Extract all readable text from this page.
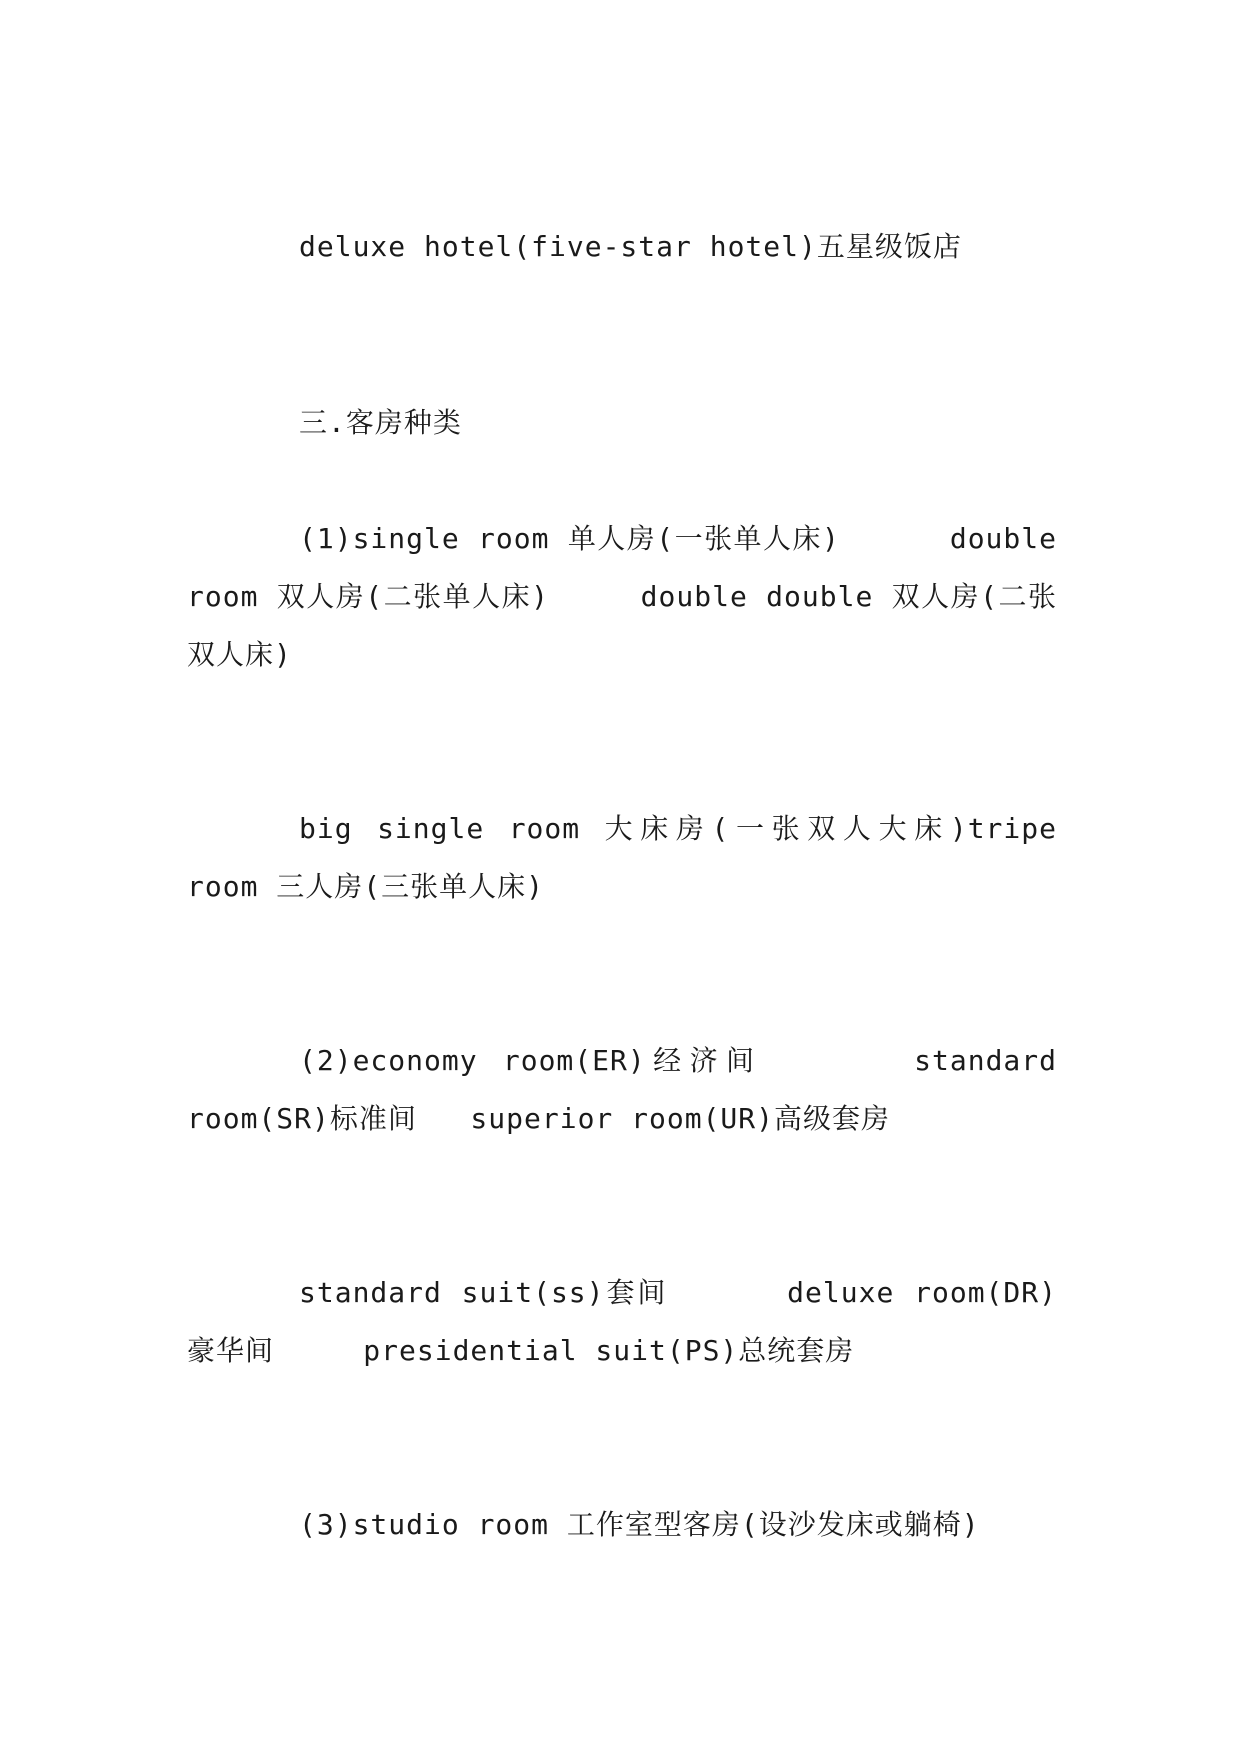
deluxe hotel(five-star hotel)五星级饭店

三.客房种类

(1)single room 单人房(一张单人床)      double room 双人房(二张单人床)     double double 双人房(二张双人床)

big single room 大床房(一张双人大床)tripe room 三人房(三张单人床)

(2)economy room(ER)经济间      standard room(SR)标准间   superior room(UR)高级套房

standard suit(ss)套间      deluxe room(DR)豪华间     presidential suit(PS)总统套房

(3)studio room 工作室型客房(设沙发床或躺椅)
